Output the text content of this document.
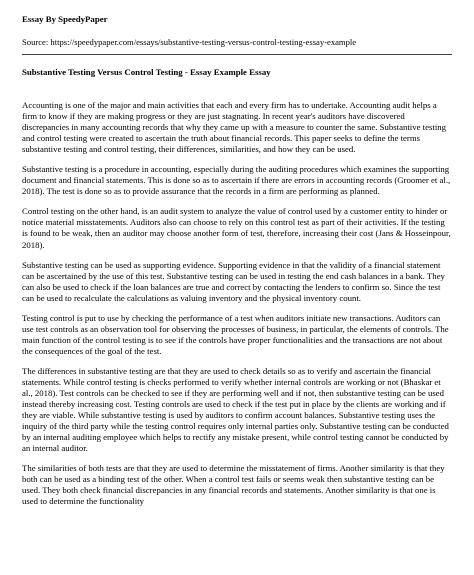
Essay By SpeedyPaper
Source: https://speedypaper.com/essays/substantive-testing-versus-control-testing-essay-example
Substantive Testing Versus Control Testing - Essay Example Essay

Accounting is one of the major and main activities that each and every firm has to undertake. Accounting audit helps a firm to know if they are making progress or they are just stagnating. In recent year's auditors have discovered discrepancies in many accounting records that why they came up with a measure to counter the same. Substantive testing and control testing were created to ascertain the truth about financial records. This paper seeks to define the terms substantive testing and control testing, their differences, similarities, and how they can be used.

Substantive testing is a procedure in accounting, especially during the auditing procedures which examines the supporting document and financial statements. This is done so as to ascertain if there are errors in accounting records (Groomer et al., 2018). The test is done so as to provide assurance that the records in a firm are performing as planned.

Control testing on the other hand, is an audit system to analyze the value of control used by a customer entity to hinder or notice material misstatements. Auditors also can choose to rely on this control test as part of their activities. If the testing is found to be weak, then an auditor may choose another form of test, therefore, increasing their cost (Jans & Hosseinpour, 2018).

Substantive testing can be used as supporting evidence. Supporting evidence in that the validity of a financial statement can be ascertained by the use of this test. Substantive testing can be used in testing the end cash balances in a bank. They can also be used to check if the loan balances are true and correct by contacting the lenders to confirm so. Since the test can be used to recalculate the calculations as valuing inventory and the physical inventory count.

Testing control is put to use by checking the performance of a test when auditors initiate new transactions. Auditors can use test controls as an observation tool for observing the processes of business, in particular, the elements of controls. The main function of the control testing is to see if the controls have proper functionalities and the transactions are not about the consequences of the goal of the test.

The differences in substantive testing are that they are used to check details so as to verify and ascertain the financial statements. While control testing is checks performed to verify whether internal controls are working or not (Bhaskar et al., 2018). Test controls can be checked to see if they are performing well and if not, then substantive testing can be used instead thereby increasing cost. Testing controls are used to check if the test put in place by the clients are working and if they are viable. While substantive testing is used by auditors to confirm account balances. Substantive testing uses the inquiry of the third party while the testing control requires only internal parties only. Substantive testing can be conducted by an internal auditing employee which helps to rectify any mistake present, while control testing cannot be conducted by an internal auditor.

The similarities of both tests are that they are used to determine the misstatement of firms. Another similarity is that they both can be used as a binding test of the other. When a control test fails or seems weak then substantive testing can be used. They both check financial discrepancies in any financial records and statements. Another similarity is that one is used to determine the functionality
